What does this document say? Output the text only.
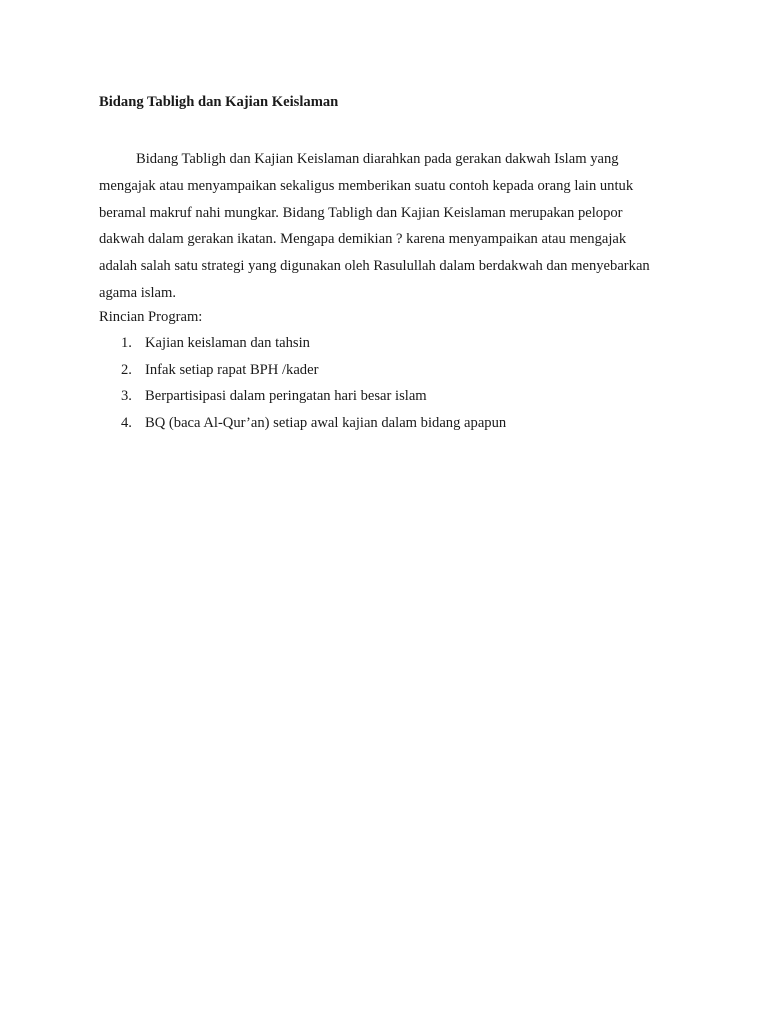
Bidang Tabligh dan Kajian Keislaman

Bidang Tabligh dan Kajian Keislaman diarahkan pada gerakan dakwah Islam yang
mengajak atau menyampaikan sekaligus memberikan suatu contoh kepada orang lain untuk
beramal makruf nahi mungkar. Bidang Tabligh dan Kajian Keislaman merupakan pelopor
dakwah dalam gerakan ikatan. Mengapa demikian ? karena menyampaikan atau mengajak
adalah salah satu strategi yang digunakan oleh Rasulullah dalam berdakwah dan menyebarkan
agama islam.

Rincian Program:

1. Kajian keislaman dan tahsin
2. Infak setiap rapat BPH /kader
3. Berpartisipasi dalam peringatan hari besar islam
4. BQ (baca Al-Qur’an) setiap awal kajian dalam bidang apapun
